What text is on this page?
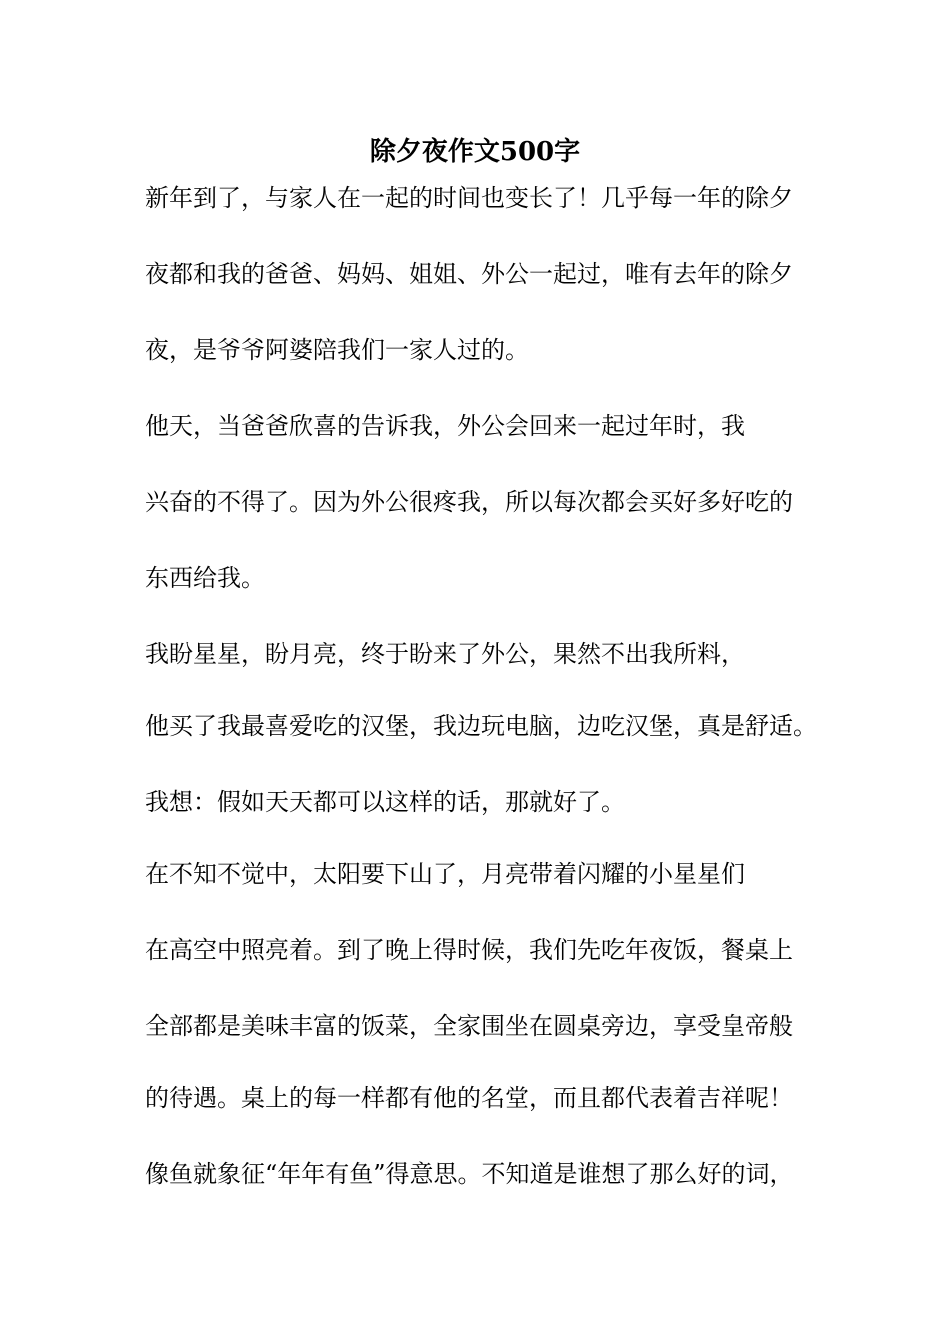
除夕夜作文500字
新年到了，与家人在一起的时间也变长了！几乎每一年的除夕
夜都和我的爸爸、妈妈、姐姐、外公一起过，唯有去年的除夕
夜，是爷爷阿婆陪我们一家人过的。
他天，当爸爸欣喜的告诉我，外公会回来一起过年时，我
兴奋的不得了。因为外公很疼我，所以每次都会买好多好吃的
东西给我。
我盼星星，盼月亮，终于盼来了外公，果然不出我所料，
他买了我最喜爱吃的汉堡，我边玩电脑，边吃汉堡，真是舒适。
我想：假如天天都可以这样的话，那就好了。
在不知不觉中，太阳要下山了，月亮带着闪耀的小星星们
在高空中照亮着。到了晚上得时候，我们先吃年夜饭，餐桌上
全部都是美味丰富的饭菜，全家围坐在圆桌旁边，享受皇帝般
的待遇。桌上的每一样都有他的名堂，而且都代表着吉祥呢！
像鱼就象征“年年有鱼”得意思。不知道是谁想了那么好的词，
